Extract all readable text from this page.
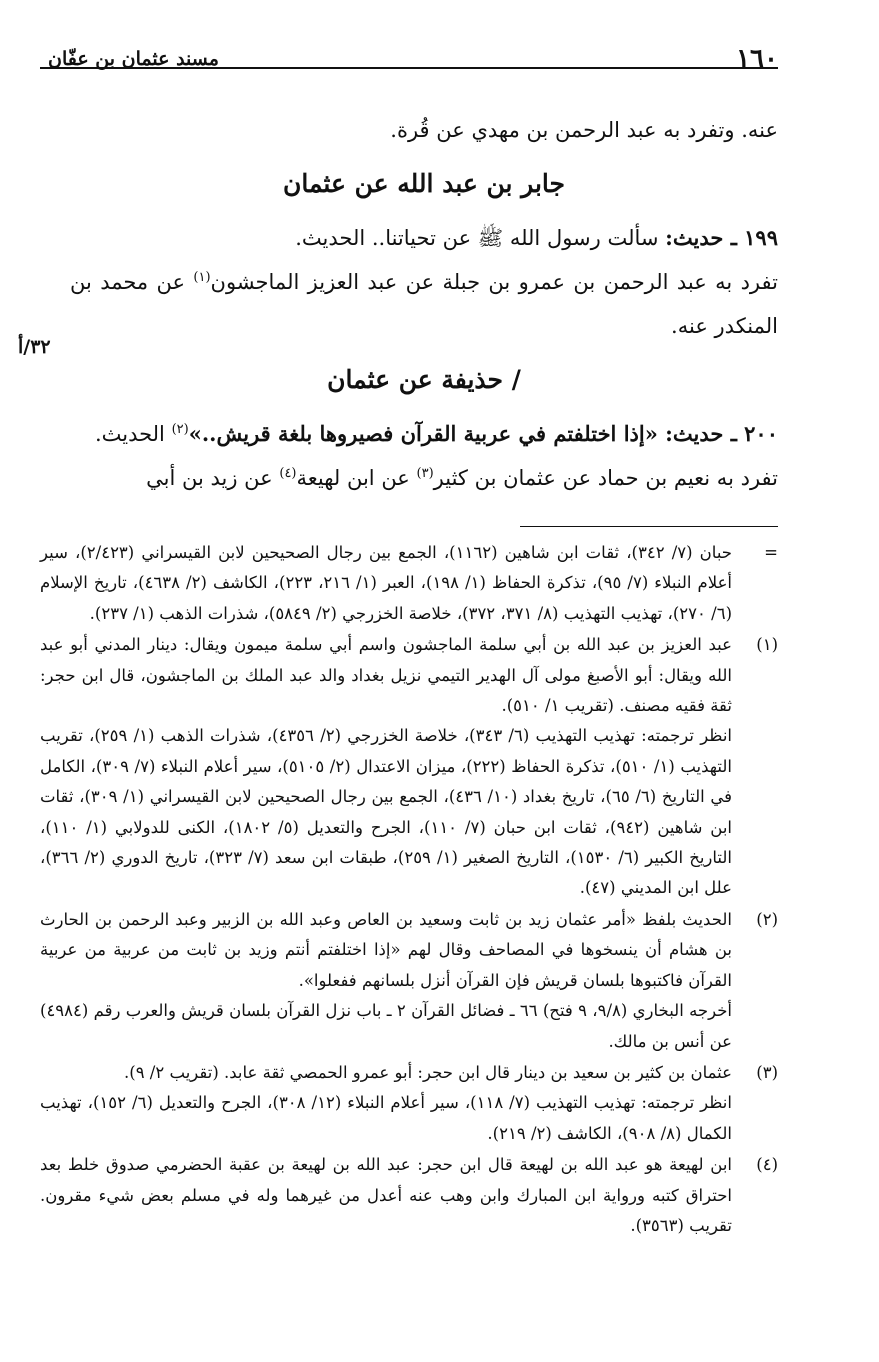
١٦٠
مسند عثمان بن عفّان
٣٢/أ

عنه. وتفرد به عبد الرحمن بن مهدي عن قُرة.

جابر بن عبد الله عن عثمان

١٩٩ ـ حديث: سألت رسول الله ﷺ عن تحياتنا.. الحديث.

تفرد به عبد الرحمن بن عمرو بن جبلة عن عبد العزيز الماجشون$^{(١)}$ عن محمد بن المنكدر عنه.

/ حذيفة عن عثمان

٢٠٠ ـ حديث: «إذا اختلفتم في عربية القرآن فصيروها بلغة قريش..»$^{(٢)}$ الحديث.

تفرد به نعيم بن حماد عن عثمان بن كثير$^{(٣)}$ عن ابن لهيعة$^{(٤)}$ عن زيد بن أبي

=

حبان (٧/ ٣٤٢)، ثقات ابن شاهين (١١٦٢)، الجمع بين رجال الصحيحين لابن القيسراني (٢/٤٢٣)، سير أعلام النبلاء (٧/ ٩٥)، تذكرة الحفاظ (١/ ١٩٨)، العبر (١/ ٢١٦، ٢٢٣)، الكاشف (٢/ ٤٦٣٨)، تاريخ الإسلام (٦/ ٢٧٠)، تهذيب التهذيب (٨/ ٣٧١، ٣٧٢)، خلاصة الخزرجي (٢/ ٥٨٤٩)، شذرات الذهب (١/ ٢٣٧).

(١)

عبد العزيز بن عبد الله بن أبي سلمة الماجشون واسم أبي سلمة ميمون ويقال: دينار المدني أبو عبد الله ويقال: أبو الأصبغ مولى آل الهدير التيمي نزيل بغداد والد عبد الملك بن الماجشون، قال ابن حجر: ثقة فقيه مصنف. (تقريب ١/ ٥١٠).

انظر ترجمته: تهذيب التهذيب (٦/ ٣٤٣)، خلاصة الخزرجي (٢/ ٤٣٥٦)، شذرات الذهب (١/ ٢٥٩)، تقريب التهذيب (١/ ٥١٠)، تذكرة الحفاظ (٢٢٢)، ميزان الاعتدال (٢/ ٥١٠٥)، سير أعلام النبلاء (٧/ ٣٠٩)، الكامل في التاريخ (٦/ ٦٥)، تاريخ بغداد (١٠/ ٤٣٦)، الجمع بين رجال الصحيحين لابن القيسراني (١/ ٣٠٩)، ثقات ابن شاهين (٩٤٢)، ثقات ابن حبان (٧/ ١١٠)، الجرح والتعديل (٥/ ١٨٠٢)، الكنى للدولابي (١/ ١١٠)، التاريخ الكبير (٦/ ١٥٣٠)، التاريخ الصغير (١/ ٢٥٩)، طبقات ابن سعد (٧/ ٣٢٣)، تاريخ الدوري (٢/ ٣٦٦)، علل ابن المديني (٤٧).

(٢)

الحديث بلفظ «أمر عثمان زيد بن ثابت وسعيد بن العاص وعبد الله بن الزبير وعبد الرحمن بن الحارث بن هشام أن ينسخوها في المصاحف وقال لهم «إذا اختلفتم أنتم وزيد بن ثابت من عربية من عربية القرآن فاكتبوها بلسان قريش فإن القرآن أنزل بلسانهم ففعلوا».

أخرجه البخاري (٩/٨، ٩ فتح) ٦٦ ـ فضائل القرآن ٢ ـ باب نزل القرآن بلسان قريش والعرب رقم (٤٩٨٤) عن أنس بن مالك.

(٣)

عثمان بن كثير بن سعيد بن دينار قال ابن حجر: أبو عمرو الحمصي ثقة عابد. (تقريب ٢/ ٩).

انظر ترجمته: تهذيب التهذيب (٧/ ١١٨)، سير أعلام النبلاء (١٢/ ٣٠٨)، الجرح والتعديل (٦/ ١٥٢)، تهذيب الكمال (٨/ ٩٠٨)، الكاشف (٢/ ٢١٩).

(٤)

ابن لهيعة هو عبد الله بن لهيعة قال ابن حجر: عبد الله بن لهيعة بن عقبة الحضرمي صدوق خلط بعد احتراق كتبه ورواية ابن المبارك وابن وهب عنه أعدل من غيرهما وله في مسلم بعض شيء مقرون. تقريب (٣٥٦٣).
